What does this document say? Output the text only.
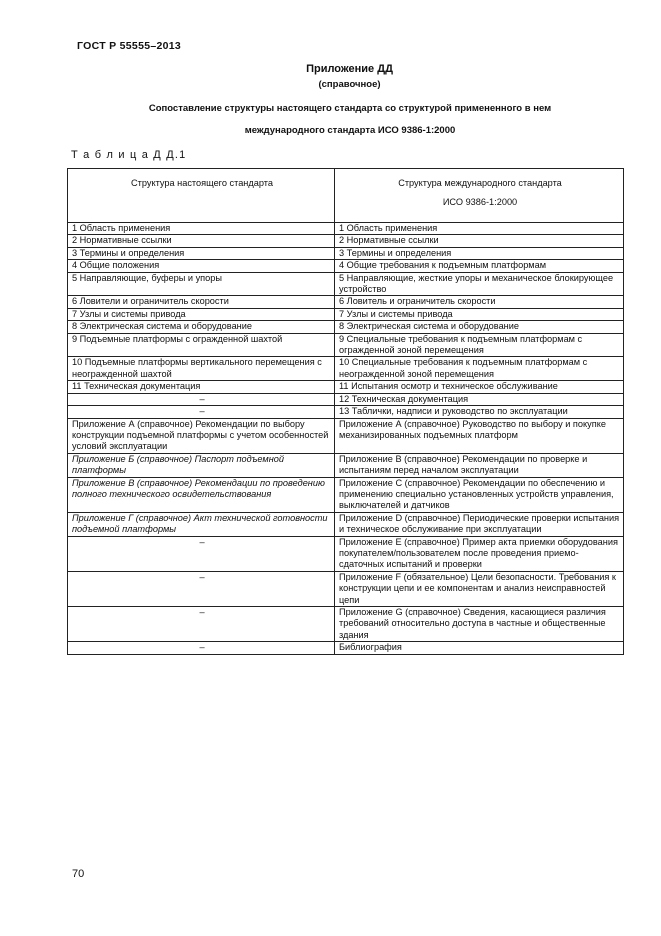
ГОСТ Р 55555–2013
Приложение ДД
(справочное)
Сопоставление структуры настоящего стандарта со структурой примененного в нем
международного стандарта ИСО 9386-1:2000
Т а б л и ц а Д Д.1
Структура настоящего стандарта	Структура международного стандарта
ИСО 9386-1:2000

1 Область применения	1 Область применения
2 Нормативные ссылки	2 Нормативные ссылки
3 Термины и определения	3 Термины и определения
4 Общие положения	4 Общие требования к подъемным платформам
5 Направляющие, буферы и упоры	5 Направляющие, жесткие упоры и механическое блокирующее устройство
6 Ловители и ограничитель скорости	6 Ловитель и ограничитель скорости
7 Узлы и системы привода	7 Узлы и системы привода
8 Электрическая система и оборудование	8 Электрическая система и оборудование
9 Подъемные платформы с огражденной шахтой	9 Специальные требования к подъемным платформам с огражденной зоной перемещения
10 Подъемные платформы вертикального перемещения с неогражденной шахтой	10 Специальные требования к подъемным платформам с неогражденной зоной перемещения
11 Техническая документация	11 Испытания осмотр и техническое обслуживание
–	12 Техническая документация
–	13 Таблички, надписи и руководство по эксплуатации
Приложение А (справочное) Рекомендации по выбору конструкции подъемной платформы с учетом особенностей условий эксплуатации	Приложение А (справочное) Руководство по выбору и покупке механизированных подъемных платформ
Приложение Б (справочное) Паспорт подъемной платформы	Приложение В (справочное) Рекомендации по проверке и испытаниям перед началом эксплуатации
Приложение В (справочное) Рекомендации по проведению полного технического освидетельствования	Приложение С (справочное) Рекомендации по обеспечению и применению специально установленных устройств управления, выключателей и датчиков
Приложение Г (справочное) Акт технической готовности подъемной платформы	Приложение D (справочное) Периодические проверки испытания и техническое обслуживание при эксплуатации
–	Приложение Е (справочное) Пример акта приемки оборудования покупателем/пользователем после проведения приемо-сдаточных испытаний и проверки
–	Приложение F (обязательное) Цели безопасности. Требования к конструкции цепи и ее компонентам и анализ неисправностей цепи
–	Приложение G (справочное) Сведения, касающиеся различия требований относительно доступа в частные и общественные здания
–	Библиография
70
